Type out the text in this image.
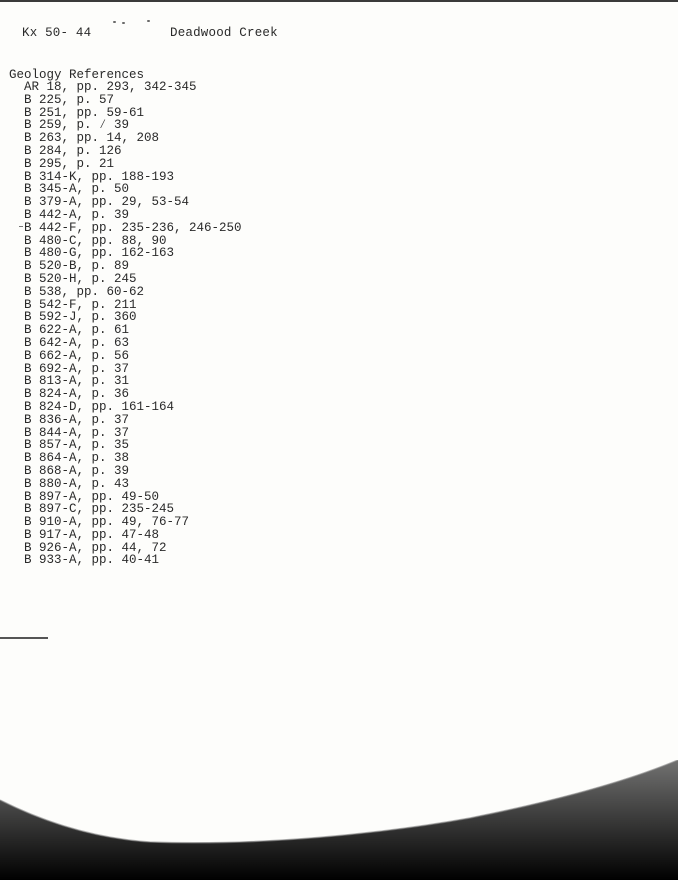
Kx 50- 44

	Deadwood Creek

Geology References
AR 18, pp. 293, 342-345
B 225, p. 57
B 251, pp. 59-61
B 259, p. ⁄ 39
B 263, pp. 14, 208
B 284, p. 126
B 295, p. 21
B 314-K, pp. 188-193
B 345-A, p. 50
B 379-A, pp. 29, 53-54
B 442-A, p. 39
B 442-F, pp. 235-236, 246-250
B 480-C, pp. 88, 90
B 480-G, pp. 162-163
B 520-B, p. 89
B 520-H, p. 245
B 538, pp. 60-62
B 542-F, p. 211
B 592-J, p. 360
B 622-A, p. 61
B 642-A, p. 63
B 662-A, p. 56
B 692-A, p. 37
B 813-A, p. 31
B 824-A, p. 36
B 824-D, pp. 161-164
B 836-A, p. 37
B 844-A, p. 37
B 857-A, p. 35
B 864-A, p. 38
B 868-A, p. 39
B 880-A, p. 43
B 897-A, pp. 49-50
B 897-C, pp. 235-245
B 910-A, pp. 49, 76-77
B 917-A, pp. 47-48
B 926-A, pp. 44, 72
B 933-A, pp. 40-41
